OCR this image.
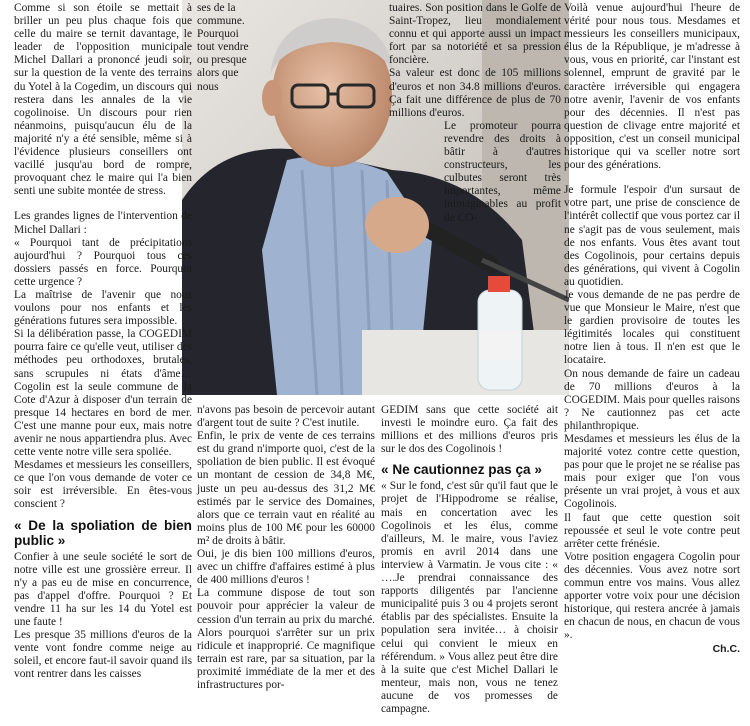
Comme si son étoile se mettait à briller un peu plus chaque fois que celle du maire se ternit davantage, le leader de l'opposition municipale Michel Dallari a prononcé jeudi soir, sur la question de la vente des terrains du Yotel à la Cogedim, un discours qui restera dans les annales de la vie cogolinoise. Un discours pour rien néanmoins, puisqu'aucun élu de la majorité n'y a été sensible, même si à l'évidence plusieurs conseillers ont vacillé jusqu'au bord de rompre, provoquant chez le maire qui l'a bien senti une subite montée de stress.

Les grandes lignes de l'intervention de Michel Dallari :

« Pourquoi tant de précipitations aujourd'hui ? Pourquoi tous ces dossiers passés en force. Pourquoi cette urgence ?

La maîtrise de l'avenir que nous voulons pour nos enfants et les générations futures sera impossible.

Si la délibération passe, la COGEDIM pourra faire ce qu'elle veut, utiliser des méthodes peu orthodoxes, brutales, sans scrupules ni états d'âme… Cogolin est la seule commune de la Cote d'Azur à disposer d'un terrain de presque 14 hectares en bord de mer. C'est une manne pour eux, mais notre avenir ne nous appartiendra plus. Avec cette vente notre ville sera spoliée.

Mesdames et messieurs les conseillers, ce que l'on vous demande de voter ce soir est irréversible. En êtes-vous conscient ?

« De la spoliation de bien public »

Confier à une seule société le sort de notre ville est une grossière erreur. Il n'y a pas eu de mise en concurrence, pas d'appel d'offre. Pourquoi ? Et vendre 11 ha sur les 14 du Yotel est une faute !

Les presque 35 millions d'euros de la vente vont fondre comme neige au soleil, et encore faut-il savoir quand ils vont rentrer dans les caisses

ses de la commune. Pourquoi tout vendre ou presque alors que nous

n'avons pas besoin de percevoir autant d'argent tout de suite ? C'est inutile.

Enfin, le prix de vente de ces terrains est du grand n'importe quoi, c'est de la spoliation de bien public. Il est évoqué un montant de cession de 34,8 M€, juste un peu au-dessus des 31,2 M€ estimés par le service des Domaines, alors que ce terrain vaut en réalité au moins plus de 100 M€ pour les 60000 m² de droits à bâtir.

Oui, je dis bien 100 millions d'euros, avec un chiffre d'affaires estimé à plus de 400 millions d'euros !

La commune dispose de tout son pouvoir pour apprécier la valeur de cession d'un terrain au prix du marché. Alors pourquoi s'arrêter sur un prix ridicule et inapproprié. Ce magnifique terrain est rare, par sa situation, par la proximité immédiate de la mer et des infrastructures por-

tuaires. Son position dans le Golfe de Saint-Tropez, lieu mondialement connu et qui apporte aussi un impact fort par sa notoriété et sa pression foncière.

Sa valeur est donc de 105 millions d'euros et non 34.8 millions d'euros. Ça fait une différence de plus de 70 millions d'euros.

Le promoteur pourra revendre des droits à bâtir à d'autres constructeurs, les culbutes seront très importantes, même inimaginables au profit de CO-

GEDIM sans que cette société ait investi le moindre euro. Ça fait des millions et des millions d'euros pris sur le dos des Cogolinois !

« Ne cautionnez pas ça »

« Sur le fond, c'est sûr qu'il faut que le projet de l'Hippodrome se réalise, mais en concertation avec les Cogolinois et les élus, comme d'ailleurs, M. le maire, vous l'aviez promis en avril 2014 dans une interview à Varmatin. Je vous cite : « ….Je prendrai connaissance des rapports diligentés par l'ancienne municipalité puis 3 ou 4 projets seront établis par des spécialistes. Ensuite la population sera invitée… à choisir celui qui convient le mieux en référendum. » Vous allez peut être dire à la suite que c'est Michel Dallari le menteur, mais non, vous ne tenez aucune de vos promesses de campagne.

Voilà venue aujourd'hui l'heure de vérité pour nous tous. Mesdames et messieurs les conseillers municipaux, élus de la République, je m'adresse à vous, vous en priorité, car l'instant est solennel, emprunt de gravité par le caractère irréversible qui engagera notre avenir, l'avenir de vos enfants pour des décennies. Il n'est pas question de clivage entre majorité et opposition, c'est un conseil municipal historique qui va sceller notre sort pour des générations.

Je formule l'espoir d'un sursaut de votre part, une prise de conscience de l'intérêt collectif que vous portez car il ne s'agit pas de vous seulement, mais de nos enfants. Vous êtes avant tout des Cogolinois, pour certains depuis des générations, qui vivent à Cogolin au quotidien.

Je vous demande de ne pas perdre de vue que Monsieur le Maire, n'est que le gardien provisoire de toutes les légitimités locales qui constituent notre lien à tous. Il n'en est que le locataire.

On nous demande de faire un cadeau de 70 millions d'euros à la COGEDIM. Mais pour quelles raisons ? Ne cautionnez pas cet acte philanthropique.

Mesdames et messieurs les élus de la majorité votez contre cette question, pas pour que le projet ne se réalise pas mais pour exiger que l'on vous présente un vrai projet, à vous et aux Cogolinois.

Il faut que cette question soit repoussée et seul le vote contre peut arrêter cette frénésie.

Votre position engagera Cogolin pour des décennies. Vous avez notre sort commun entre vos mains. Vous allez apporter votre voix pour une décision historique, qui restera ancrée à jamais en chacun de nous, en chacun de vous ».

Ch.C.
